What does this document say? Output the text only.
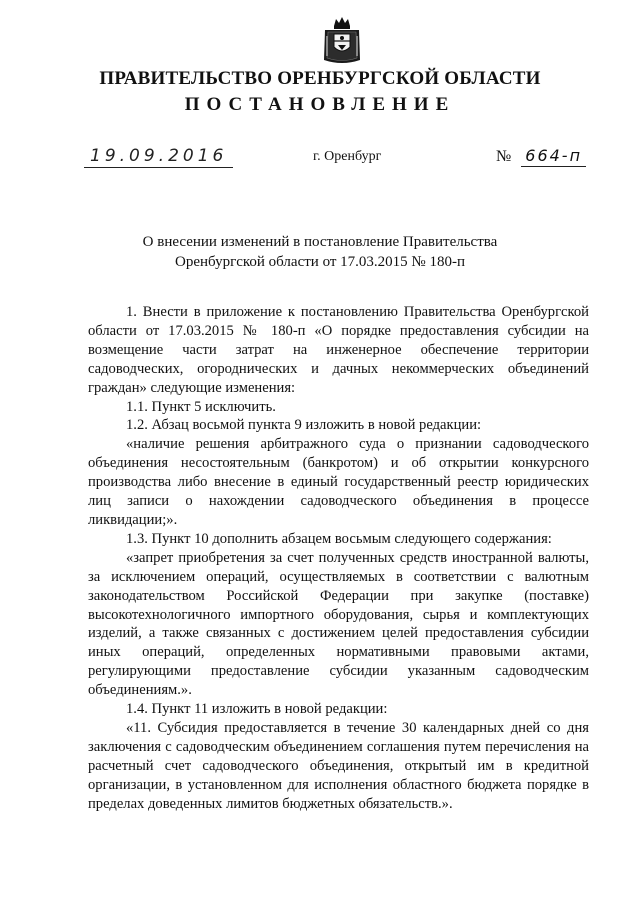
ПРАВИТЕЛЬСТВО ОРЕНБУРГСКОЙ ОБЛАСТИ
ПОСТАНОВЛЕНИЕ
19.09.2016	г. Оренбург	№ 664-п
О внесении изменений в постановление Правительства
Оренбургской области от 17.03.2015 № 180-п

1. Внести в приложение к постановлению Правительства Оренбургской области от 17.03.2015 № 180-п «О порядке предоставления субсидии на возмещение части затрат на инженерное обеспечение территории садоводческих, огороднических и дачных некоммерческих объединений граждан» следующие изменения:

1.1. Пункт 5 исключить.

1.2. Абзац восьмой пункта 9 изложить в новой редакции:

«наличие решения арбитражного суда о признании садоводческого объединения несостоятельным (банкротом) и об открытии конкурсного производства либо внесение в единый государственный реестр юридических лиц записи о нахождении садоводческого объединения в процессе ликвидации;».

1.3. Пункт 10 дополнить абзацем восьмым следующего содержания:

«запрет приобретения за счет полученных средств иностранной валюты, за исключением операций, осуществляемых в соответствии с валютным законодательством Российской Федерации при закупке (поставке) высокотехнологичного импортного оборудования, сырья и комплектующих изделий, а также связанных с достижением целей предоставления субсидии иных операций, определенных нормативными правовыми актами, регулирующими предоставление субсидии указанным садоводческим объединениям.».

1.4. Пункт 11 изложить в новой редакции:

«11. Субсидия предоставляется в течение 30 календарных дней со дня заключения с садоводческим объединением соглашения путем перечисления на расчетный счет садоводческого объединения, открытый им в кредитной организации, в установленном для исполнения областного бюджета порядке в пределах доведенных лимитов бюджетных обязательств.».
